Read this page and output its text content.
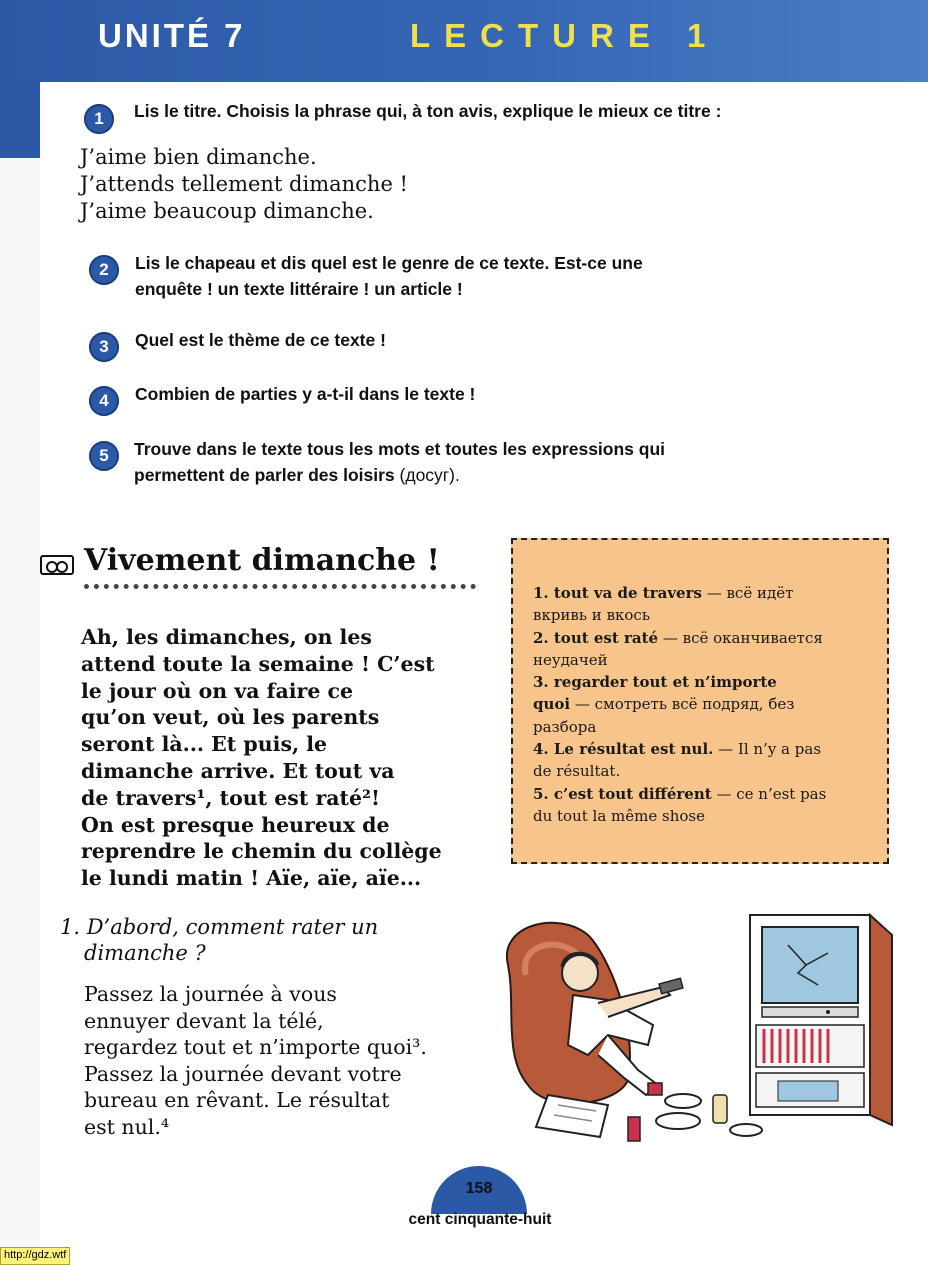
UNITÉ 7	LECTURE 1
1	Lis le titre. Choisis la phrase qui, à ton avis, explique le mieux ce titre :
J’aime bien dimanche.
J’attends tellement dimanche !
J’aime beaucoup dimanche.
2	Lis le chapeau et dis quel est le genre de ce texte. Est-ce une
enquête ! un texte littéraire ! un article !
3	Quel est le thème de ce texte !
4	Combien de parties y a-t-il dans le texte !
5	Trouve dans le texte tous les mots et toutes les expressions qui
permettent de parler des loisirs (досуг).
Vivement dimanche !
Ah, les dimanches, on les
attend toute la semaine ! C’est
le jour où on va faire ce
qu’on veut, où les parents
seront là... Et puis, le
dimanche arrive. Et tout va
de travers¹, tout est raté²!
On est presque heureux de
reprendre le chemin du collège
le lundi matin ! Aïe, aïe, aïe...
1. tout va de travers — всё идёт
вкривь и вкось
2. tout est raté — всё оканчивается
неудачей
3. regarder tout et n’importe
quoi — смотреть всё подряд, без
разбора
4. Le résultat est nul. — Il n’y a pas
de résultat.
5. c’est tout différent — ce n’est pas
du tout la même shose
1. D’abord, comment rater un
dimanche ?
Passez la journée à vous
ennuyer devant la télé,
regardez tout et n’importe quoi³.
Passez la journée devant votre
bureau en rêvant. Le résultat
est nul.⁴
158
cent cinquante-huit
http://gdz.wtf
